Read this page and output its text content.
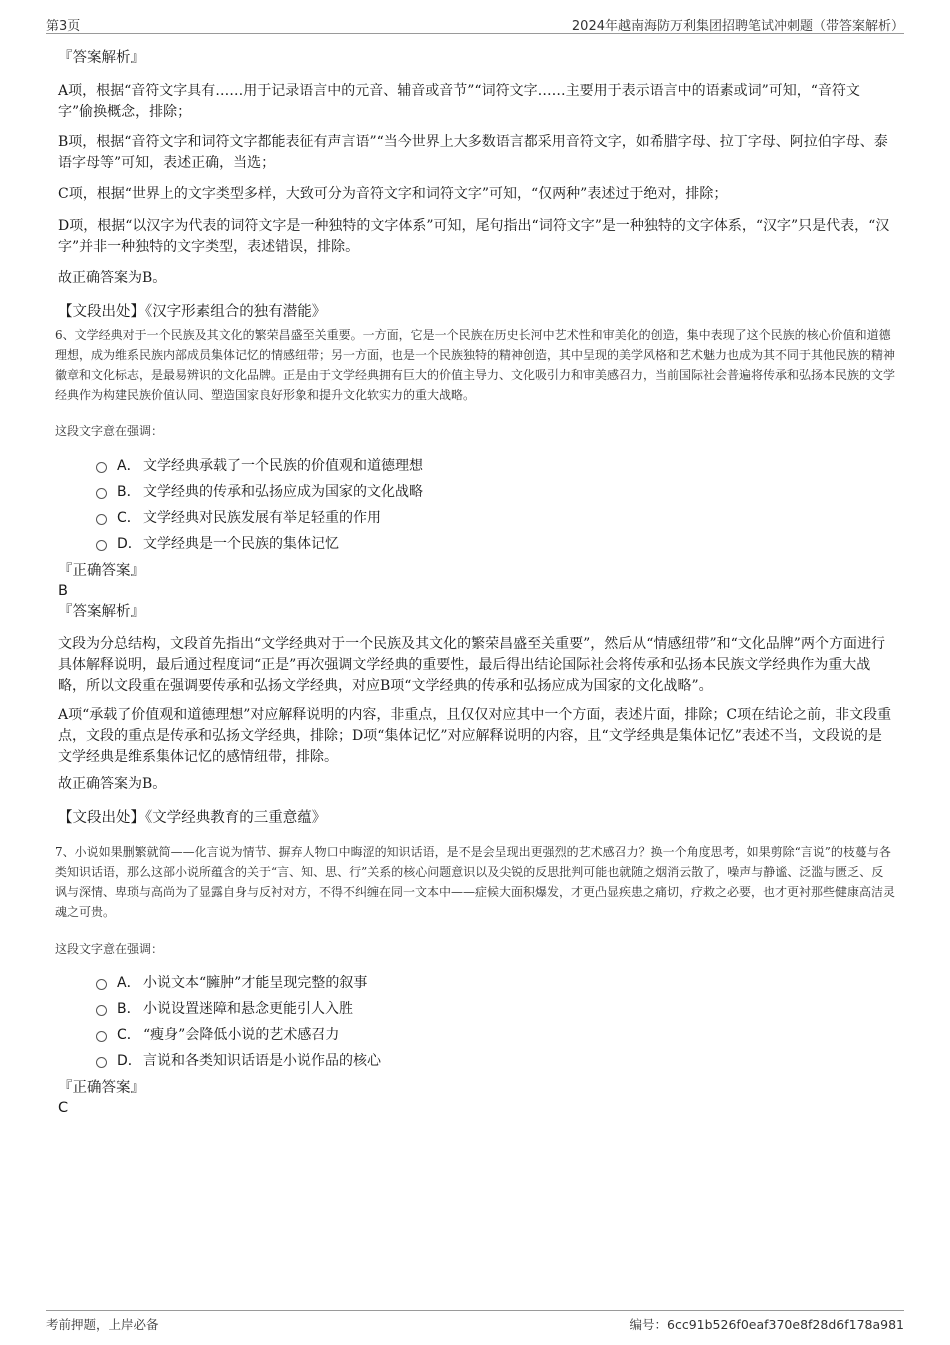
第3页	2024年越南海防万利集团招聘笔试冲刺题（带答案解析）
『答案解析』
A项，根据“音符文字具有……用于记录语言中的元音、辅音或音节”“词符文字……主要用于表示语言中的语素或词”可知，“音符文字”偷换概念，排除；
B项，根据“音符文字和词符文字都能表征有声言语”“当今世界上大多数语言都采用音符文字，如希腊字母、拉丁字母、阿拉伯字母、泰语字母等”可知，表述正确，当选；
C项，根据“世界上的文字类型多样，大致可分为音符文字和词符文字”可知，“仅两种”表述过于绝对，排除；
D项，根据“以汉字为代表的词符文字是一种独特的文字体系”可知，尾句指出“词符文字”是一种独特的文字体系，“汉字”只是代表，“汉字”并非一种独特的文字类型，表述错误，排除。
故正确答案为B。
【文段出处】《汉字形素组合的独有潜能》
6、文学经典对于一个民族及其文化的繁荣昌盛至关重要。一方面，它是一个民族在历史长河中艺术性和审美化的创造，集中表现了这个民族的核心价值和道德理想，成为维系民族内部成员集体记忆的情感纽带；另一方面，也是一个民族独特的精神创造，其中呈现的美学风格和艺术魅力也成为其不同于其他民族的精神徽章和文化标志，是最易辨识的文化品牌。正是由于文学经典拥有巨大的价值主导力、文化吸引力和审美感召力，当前国际社会普遍将传承和弘扬本民族的文学经典作为构建民族价值认同、塑造国家良好形象和提升文化软实力的重大战略。
这段文字意在强调：
A． 文学经典承载了一个民族的价值观和道德理想
B． 文学经典的传承和弘扬应成为国家的文化战略
C． 文学经典对民族发展有举足轻重的作用
D．文学经典是一个民族的集体记忆
『正确答案』
B
『答案解析』
文段为分总结构，文段首先指出“文学经典对于一个民族及其文化的繁荣昌盛至关重要”，然后从“情感纽带”和“文化品牌”两个方面进行具体解释说明，最后通过程度词“正是”再次强调文学经典的重要性，最后得出结论国际社会将传承和弘扬本民族文学经典作为重大战略，所以文段重在强调要传承和弘扬文学经典，对应B项“文学经典的传承和弘扬应成为国家的文化战略”。
A项“承载了价值观和道德理想”对应解释说明的内容，非重点，且仅仅对应其中一个方面，表述片面，排除；C项在结论之前，非文段重点，文段的重点是传承和弘扬文学经典，排除；D项“集体记忆”对应解释说明的内容，且“文学经典是集体记忆”表述不当，文段说的是文学经典是维系集体记忆的感情纽带，排除。
故正确答案为B。
【文段出处】《文学经典教育的三重意蕴》
7、小说如果删繁就简——化言说为情节、摒弃人物口中晦涩的知识话语，是不是会呈现出更强烈的艺术感召力？换一个角度思考，如果剪除“言说”的枝蔓与各类知识话语，那么这部小说所蕴含的关于“言、知、思、行”关系的核心问题意识以及尖锐的反思批判可能也就随之烟消云散了，噪声与静谧、泛滥与匮乏、反讽与深情、卑琐与高尚为了显露自身与反衬对方，不得不纠缠在同一文本中——症候大面积爆发，才更凸显疾患之痛切，疗救之必要，也才更衬那些健康高洁灵魂之可贵。
这段文字意在强调：
A． 小说文本“臃肿”才能呈现完整的叙事
B． 小说设置迷障和悬念更能引人入胜
C． “瘦身”会降低小说的艺术感召力
D．言说和各类知识话语是小说作品的核心
『正确答案』
C
考前押题，上岸必备	编号：6cc91b526f0eaf370e8f28d6f178a981
